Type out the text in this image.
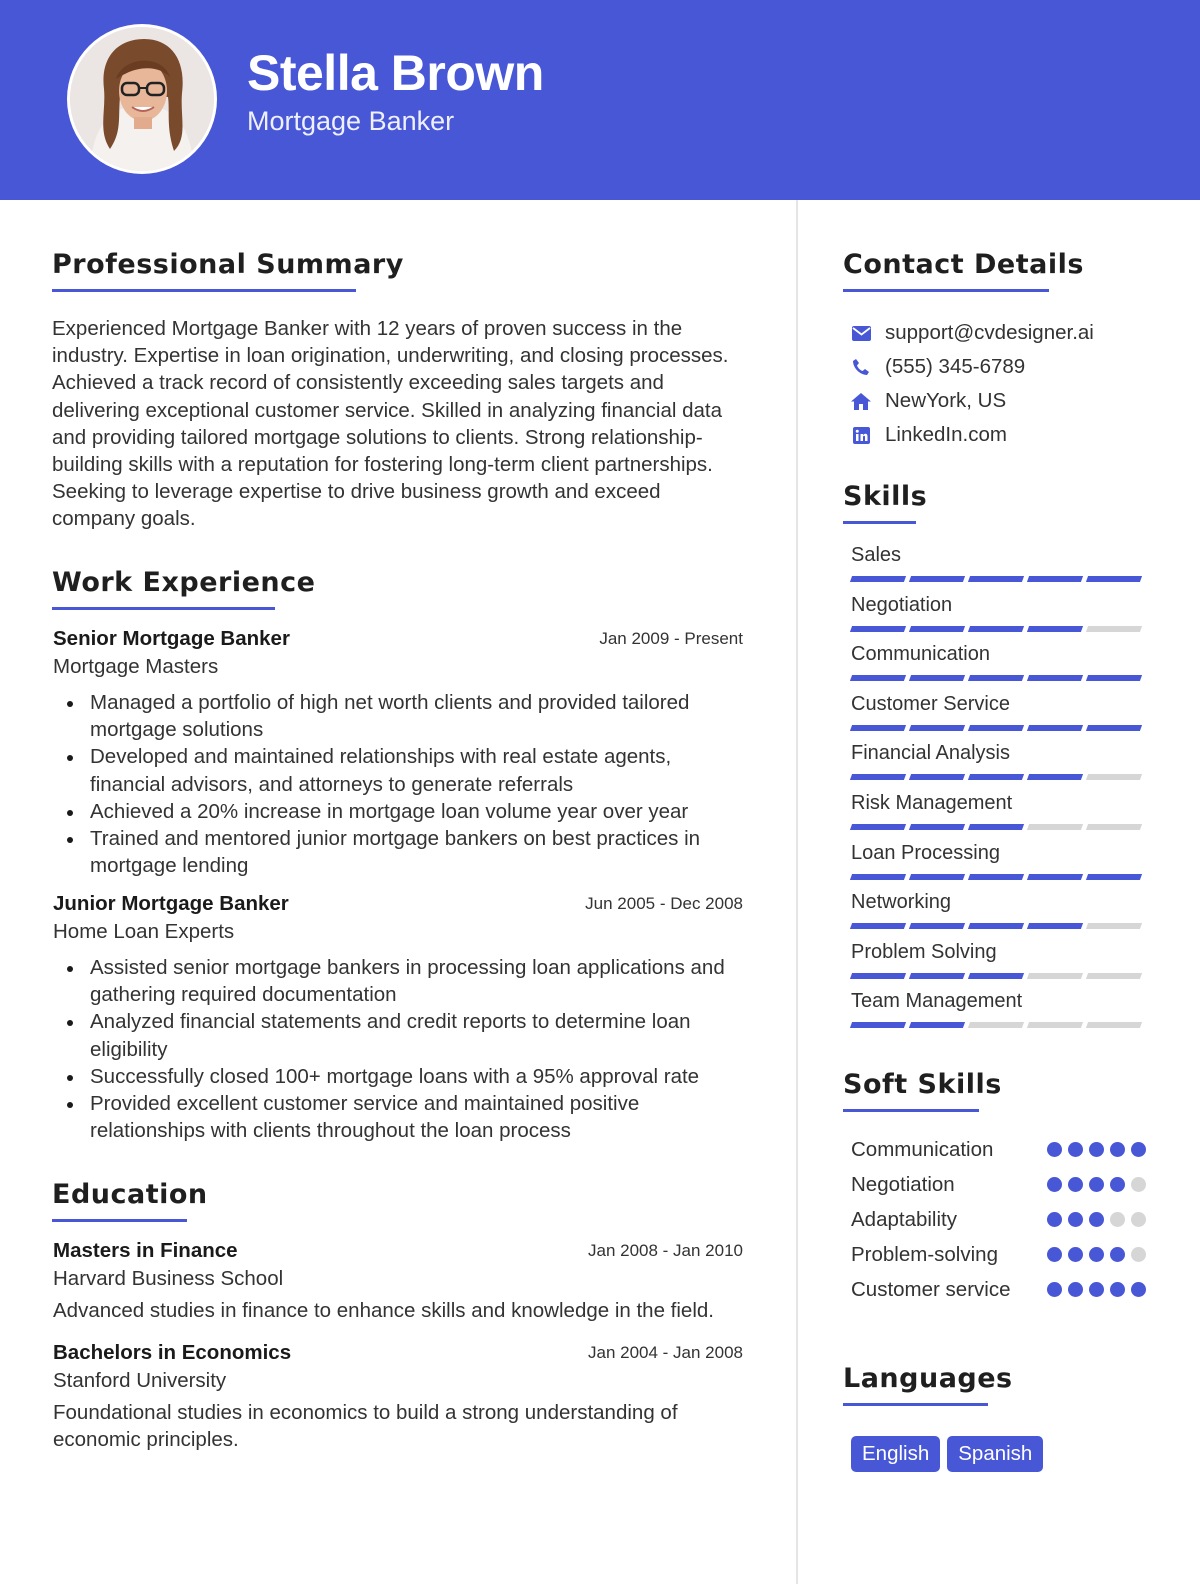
Stella Brown
Mortgage Banker
Professional Summary
Experienced Mortgage Banker with 12 years of proven success in the
industry. Expertise in loan origination, underwriting, and closing processes.
Achieved a track record of consistently exceeding sales targets and
delivering exceptional customer service. Skilled in analyzing financial data
and providing tailored mortgage solutions to clients. Strong relationship-
building skills with a reputation for fostering long-term client partnerships.
Seeking to leverage expertise to drive business growth and exceed
company goals.
Work Experience
Senior Mortgage Banker	Jan 2009 - Present
Mortgage Masters
Managed a portfolio of high net worth clients and provided tailored
mortgage solutions
Developed and maintained relationships with real estate agents,
financial advisors, and attorneys to generate referrals
Achieved a 20% increase in mortgage loan volume year over year
Trained and mentored junior mortgage bankers on best practices in
mortgage lending
Junior Mortgage Banker	Jun 2005 - Dec 2008
Home Loan Experts
Assisted senior mortgage bankers in processing loan applications and
gathering required documentation
Analyzed financial statements and credit reports to determine loan
eligibility
Successfully closed 100+ mortgage loans with a 95% approval rate
Provided excellent customer service and maintained positive
relationships with clients throughout the loan process
Education
Masters in Finance	Jan 2008 - Jan 2010
Harvard Business School
Advanced studies in finance to enhance skills and knowledge in the field.
Bachelors in Economics	Jan 2004 - Jan 2008
Stanford University
Foundational studies in economics to build a strong understanding of
economic principles.
Contact Details
support@cvdesigner.ai
(555) 345-6789
NewYork, US
LinkedIn.com
Skills
Sales
Negotiation
Communication
Customer Service
Financial Analysis
Risk Management
Loan Processing
Networking
Problem Solving
Team Management
Soft Skills
Communication
Negotiation
Adaptability
Problem-solving
Customer service
Languages
English	Spanish
